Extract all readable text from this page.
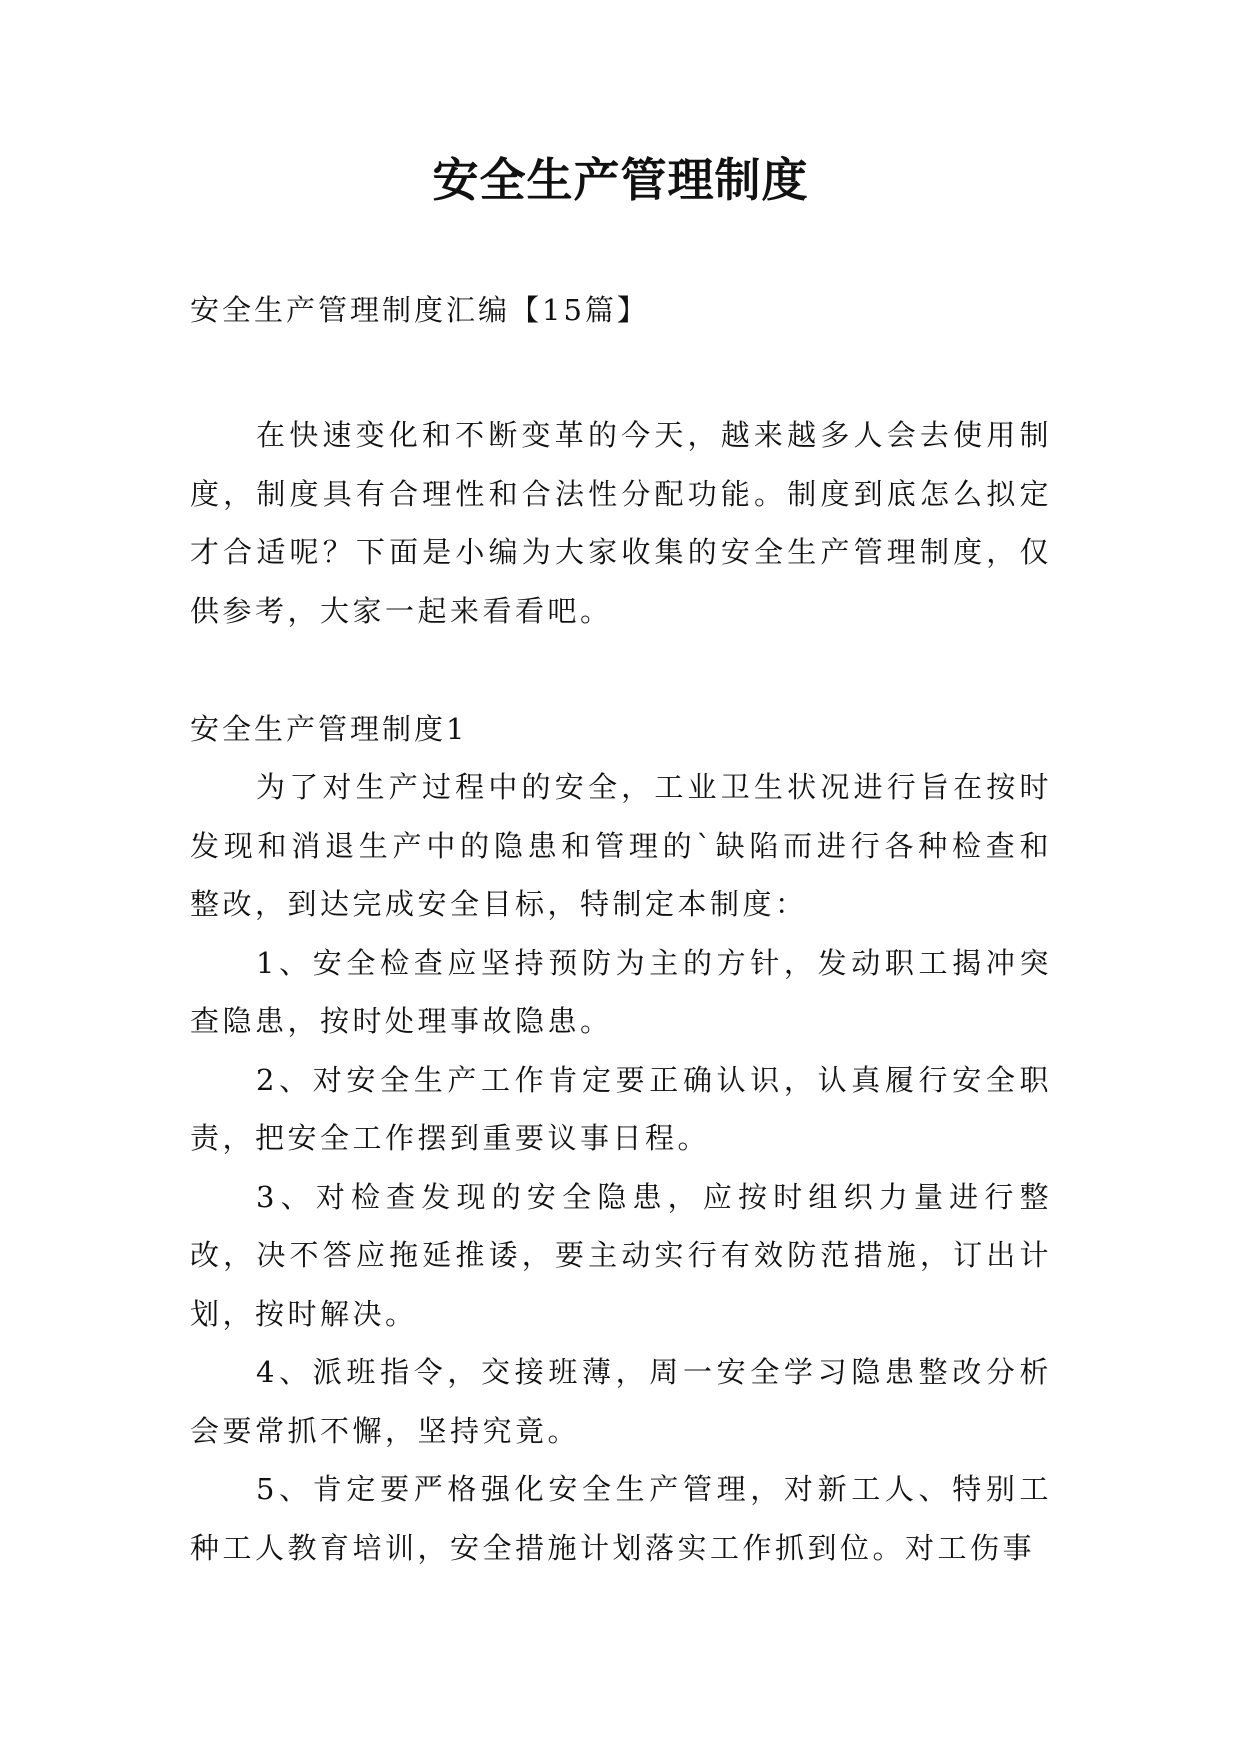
安全生产管理制度
安全生产管理制度汇编【15篇】

在快速变化和不断变革的今天，越来越多人会去使用制度，制度具有合理性和合法性分配功能。制度到底怎么拟定才合适呢？下面是小编为大家收集的安全生产管理制度，仅供参考，大家一起来看看吧。

安全生产管理制度1

为了对生产过程中的安全，工业卫生状况进行旨在按时发现和消退生产中的隐患和管理的`缺陷而进行各种检查和整改，到达完成安全目标，特制定本制度：

1、安全检查应坚持预防为主的方针，发动职工揭冲突查隐患，按时处理事故隐患。

2、对安全生产工作肯定要正确认识，认真履行安全职责，把安全工作摆到重要议事日程。

3、对检查发现的安全隐患，应按时组织力量进行整改，决不答应拖延推诿，要主动实行有效防范措施，订出计划，按时解决。

4、派班指令，交接班薄，周一安全学习隐患整改分析会要常抓不懈，坚持究竟。

5、肯定要严格强化安全生产管理，对新工人、特别工种工人教育培训，安全措施计划落实工作抓到位。对工伤事
